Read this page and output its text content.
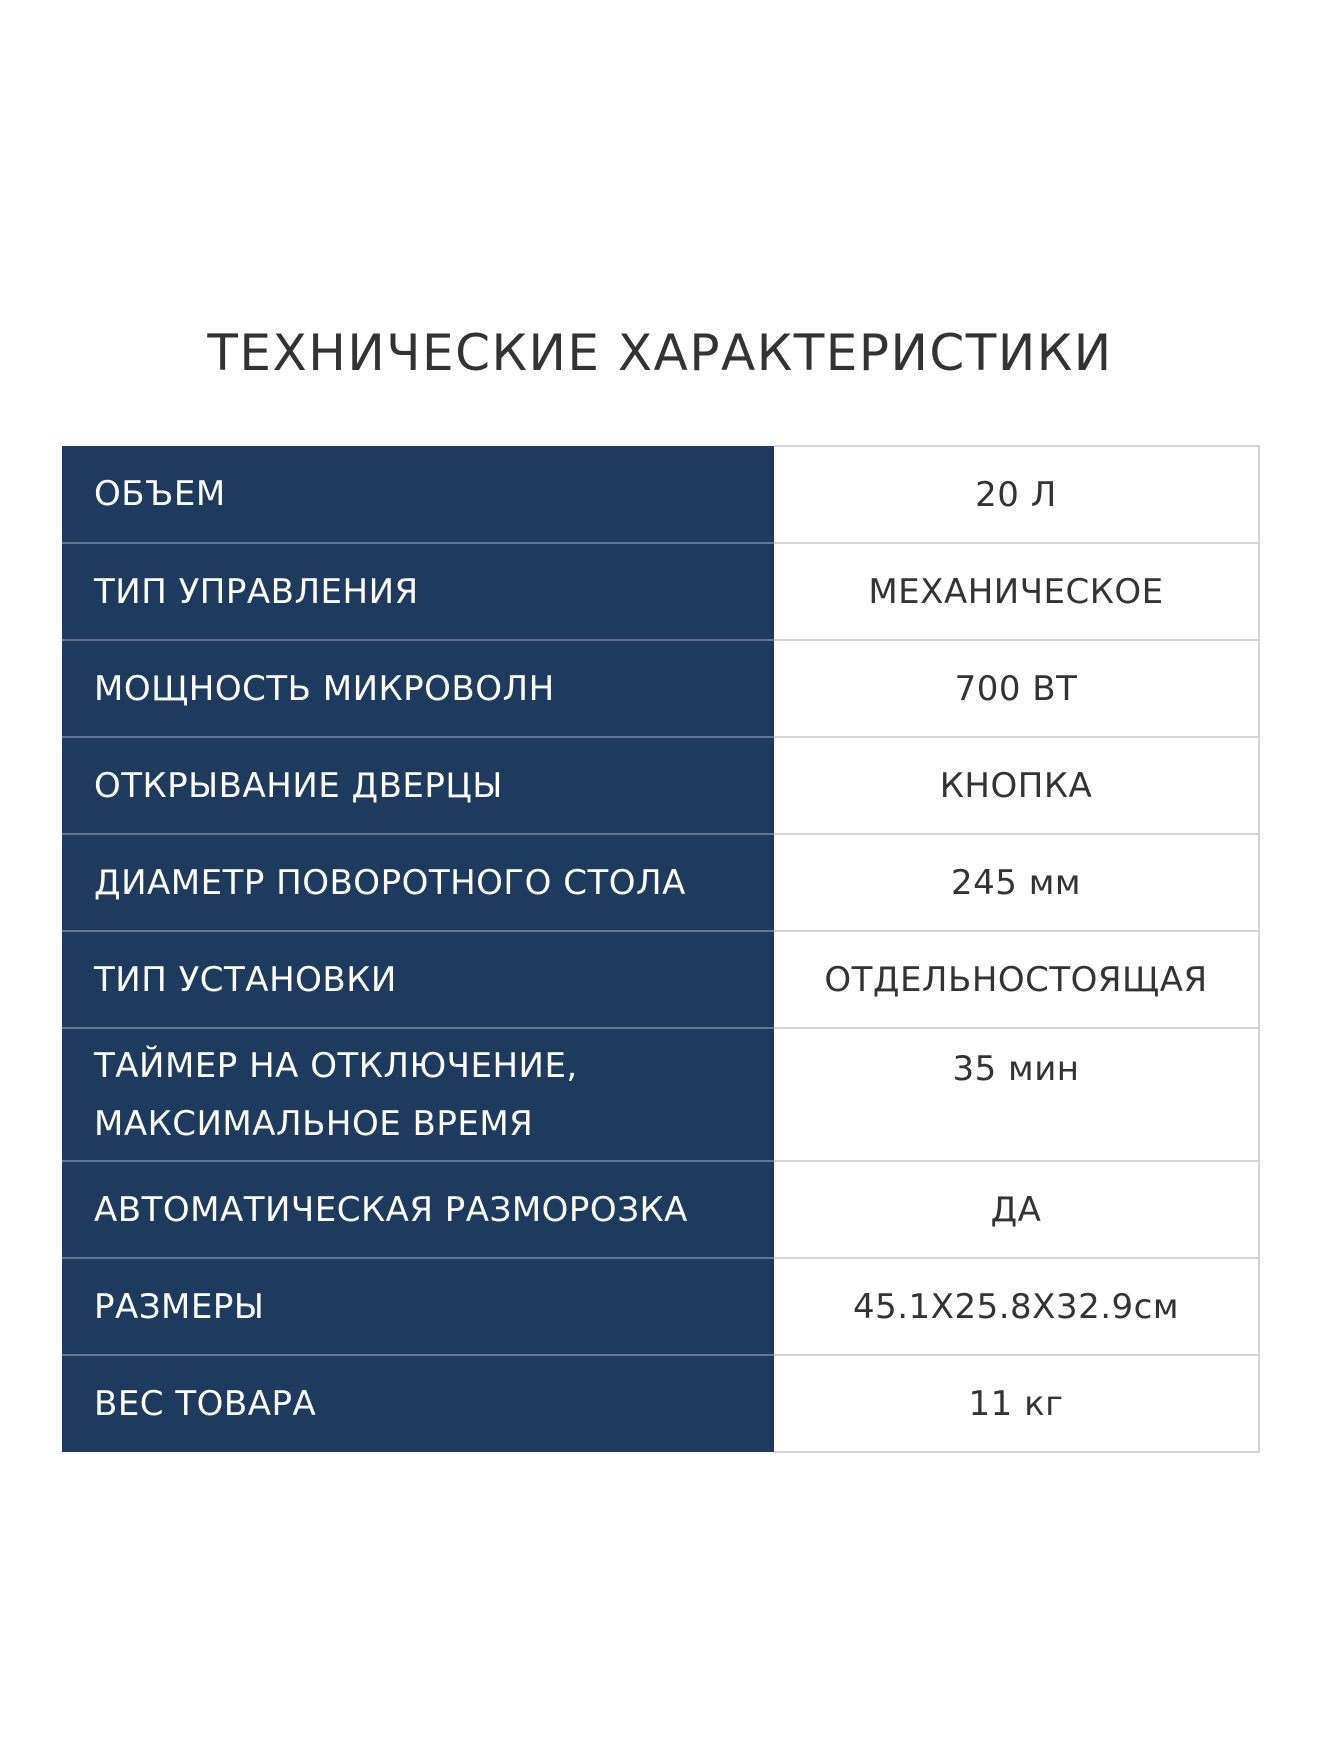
ТЕХНИЧЕСКИЕ ХАРАКТЕРИСТИКИ
ОБЪЕМ	20 Л

ТИП УПРАВЛЕНИЯ	МЕХАНИЧЕСКОЕ

МОЩНОСТЬ МИКРОВОЛН	700 ВТ

ОТКРЫВАНИЕ ДВЕРЦЫ	КНОПКА

ДИАМЕТР ПОВОРОТНОГО СТОЛА	245 мм

ТИП УСТАНОВКИ	ОТДЕЛЬНОСТОЯЩАЯ

ТАЙМЕР НА ОТКЛЮЧЕНИЕ,
МАКСИМАЛЬНОЕ ВРЕМЯ	35 мин

АВТОМАТИЧЕСКАЯ РАЗМОРОЗКА	ДА

РАЗМЕРЫ	45.1X25.8X32.9см

ВЕС ТОВАРА	11 кг
